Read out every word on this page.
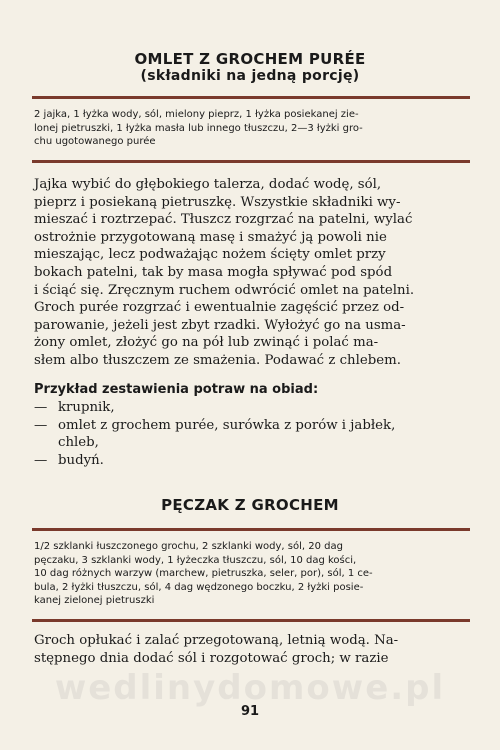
OMLET Z GROCHEM PURÉE
(składniki na jedną porcję)
2 jajka, 1 łyżka wody, sól, mielony pieprz, 1 łyżka posiekanej zie-
lonej pietruszki, 1 łyżka masła lub innego tłuszczu, 2—3 łyżki gro-
chu ugotowanego purée
Jajka wybić do głębokiego talerza, dodać wodę, sól,
pieprz i posiekaną pietruszkę. Wszystkie składniki wy-
mieszać i roztrzepać. Tłuszcz rozgrzać na patelni, wylać
ostrożnie przygotowaną masę i smażyć ją powoli nie
mieszając, lecz podważając nożem ścięty omlet przy
bokach patelni, tak by masa mogła spływać pod spód
i ściąć się. Zręcznym ruchem odwrócić omlet na patelni.
Groch purée rozgrzać i ewentualnie zagęścić przez od-
parowanie, jeżeli jest zbyt rzadki. Wyłożyć go na usma-
żony omlet, złożyć go na pół lub zwinąć i polać ma-
słem albo tłuszczem ze smażenia. Podawać z chlebem.
Przykład zestawienia potraw na obiad:
— krupnik,
— omlet z grochem purée, surówka z porów i jabłek,
chleb,
— budyń.
PĘCZAK Z GROCHEM
1/2 szklanki łuszczonego grochu, 2 szklanki wody, sól, 20 dag
pęczaku, 3 szklanki wody, 1 łyżeczka tłuszczu, sól, 10 dag kości,
10 dag różnych warzyw (marchew, pietruszka, seler, por), sól, 1 ce-
bula, 2 łyżki tłuszczu, sól, 4 dag wędzonego boczku, 2 łyżki posie-
kanej zielonej pietruszki
Groch opłukać i zalać przegotowaną, letnią wodą. Na-
stępnego dnia dodać sól i rozgotować groch; w razie
wedlinydomowe.pl
91
